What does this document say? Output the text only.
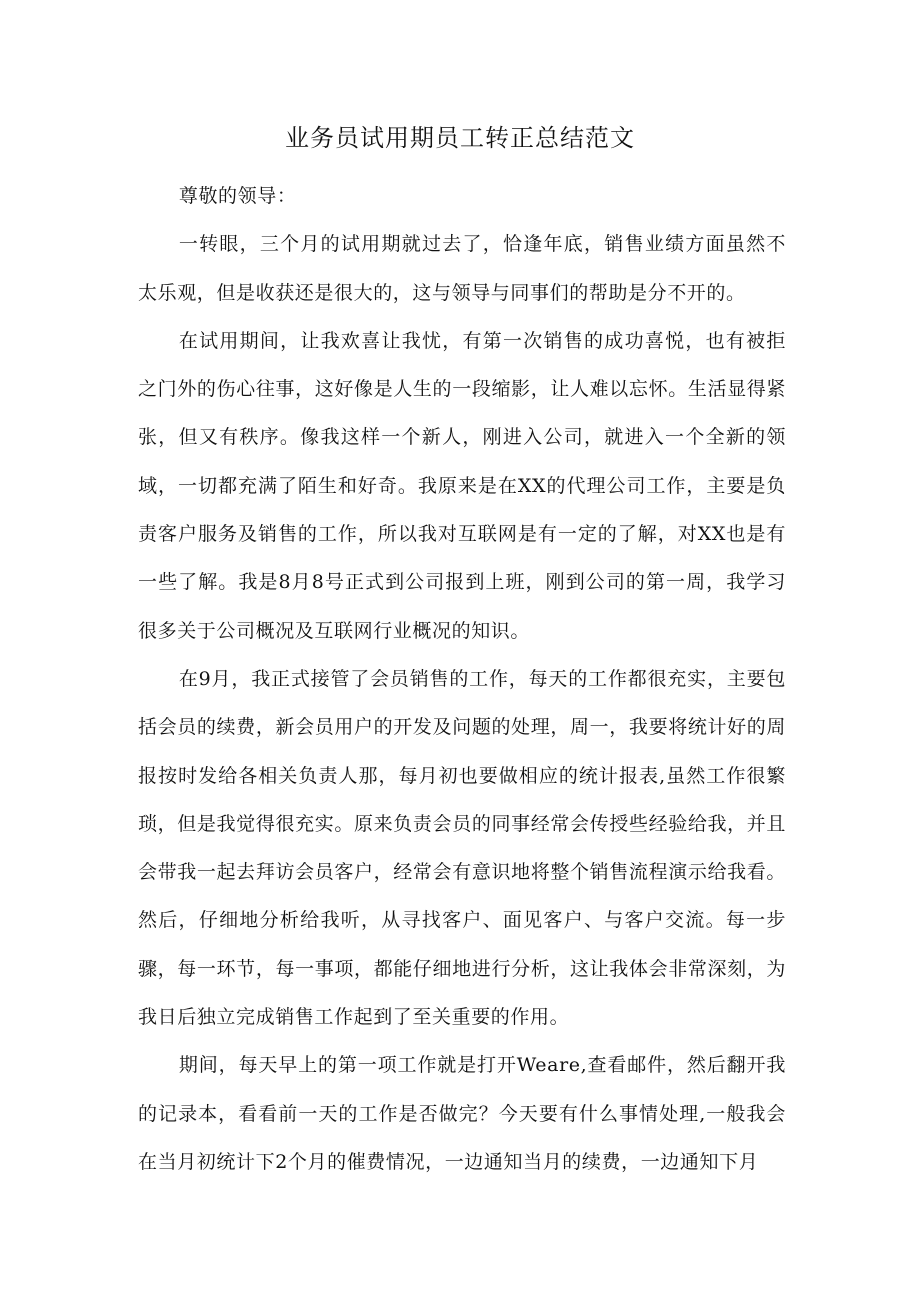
业务员试用期员工转正总结范文

尊敬的领导：

一转眼，三个月的试用期就过去了，恰逢年底，销售业绩方面虽然不太乐观，但是收获还是很大的，这与领导与同事们的帮助是分不开的。

在试用期间，让我欢喜让我忧，有第一次销售的成功喜悦，也有被拒之门外的伤心往事，这好像是人生的一段缩影，让人难以忘怀。生活显得紧张，但又有秩序。像我这样一个新人，刚进入公司，就进入一个全新的领域，一切都充满了陌生和好奇。我原来是在XX的代理公司工作，主要是负责客户服务及销售的工作，所以我对互联网是有一定的了解，对XX也是有一些了解。我是8月8号正式到公司报到上班，刚到公司的第一周，我学习很多关于公司概况及互联网行业概况的知识。

在9月，我正式接管了会员销售的工作，每天的工作都很充实，主要包括会员的续费，新会员用户的开发及问题的处理，周一，我要将统计好的周报按时发给各相关负责人那，每月初也要做相应的统计报表,虽然工作很繁琐，但是我觉得很充实。原来负责会员的同事经常会传授些经验给我，并且会带我一起去拜访会员客户，经常会有意识地将整个销售流程演示给我看。然后，仔细地分析给我听，从寻找客户、面见客户、与客户交流。每一步骤，每一环节，每一事项，都能仔细地进行分析，这让我体会非常深刻，为我日后独立完成销售工作起到了至关重要的作用。

期间，每天早上的第一项工作就是打开Weare,查看邮件，然后翻开我的记录本，看看前一天的工作是否做完？今天要有什么事情处理,一般我会在当月初统计下2个月的催费情况，一边通知当月的续费，一边通知下月
